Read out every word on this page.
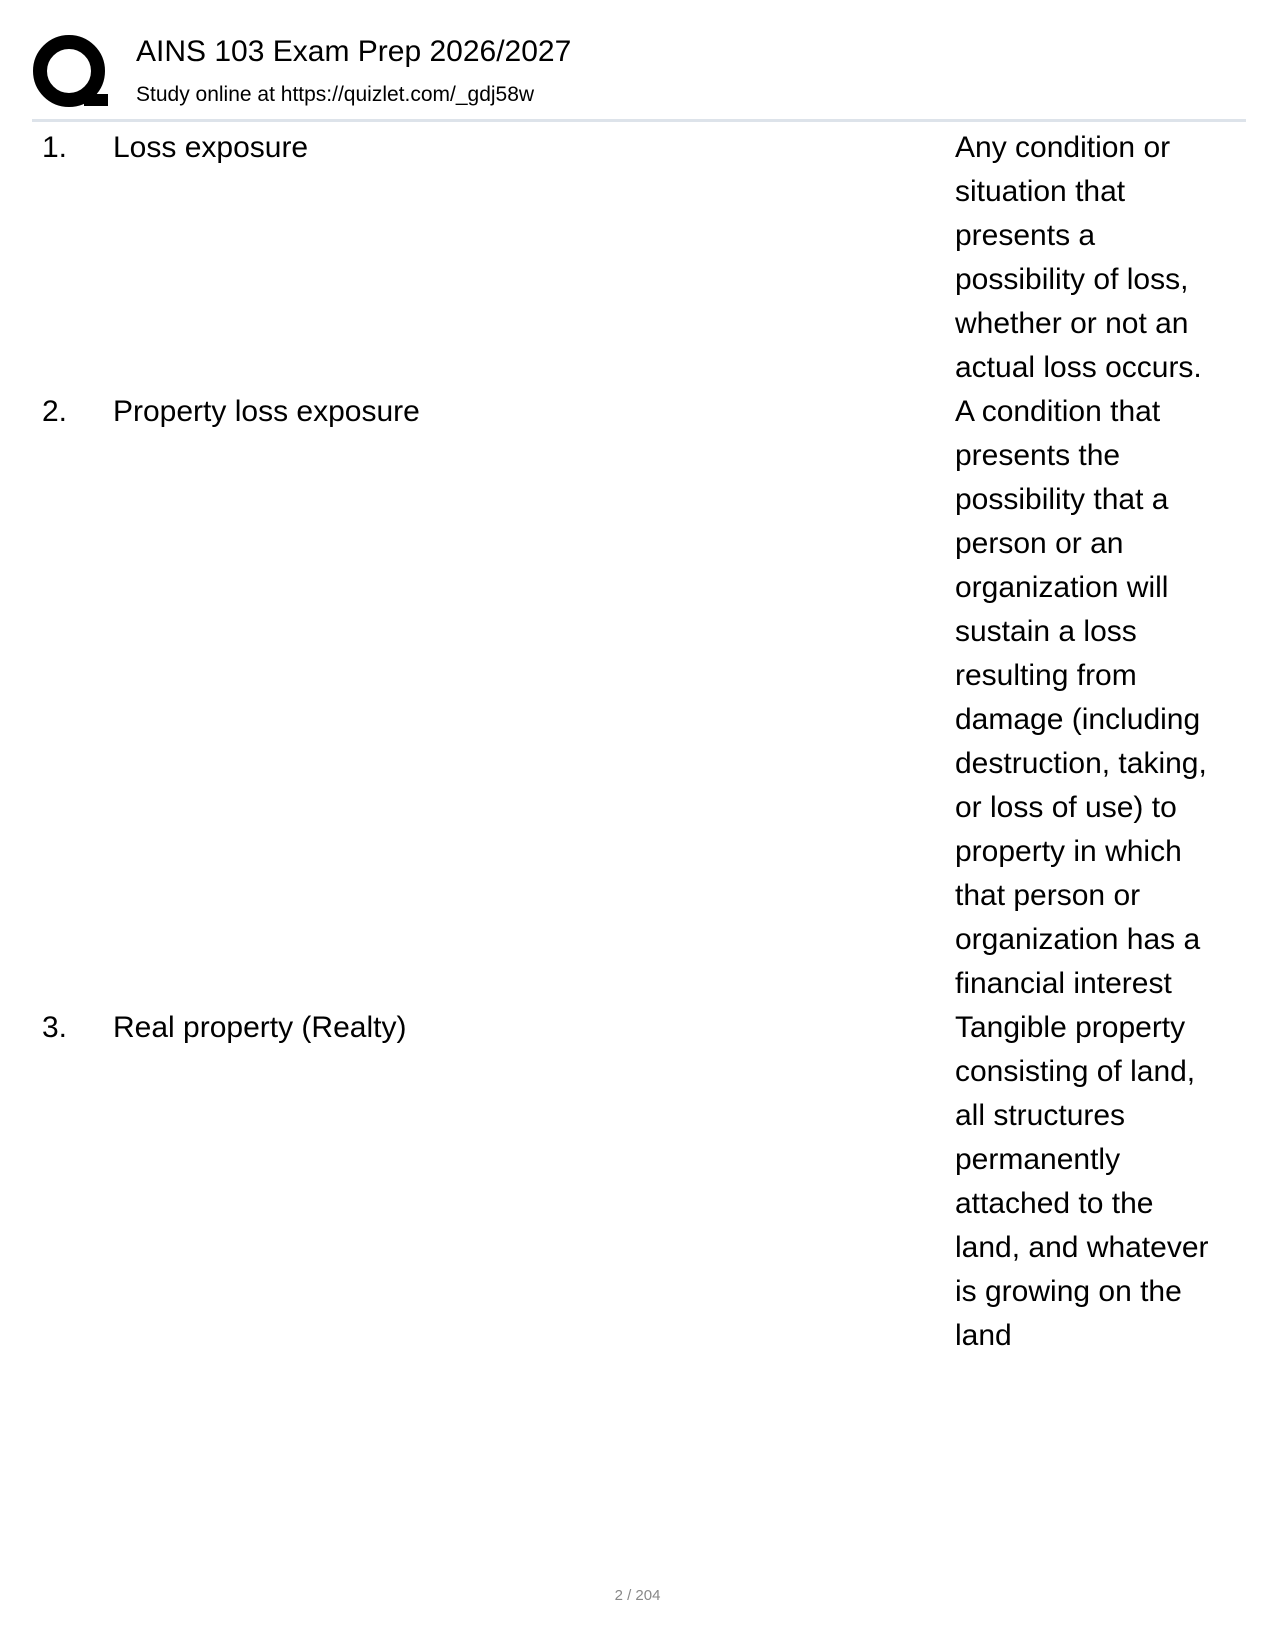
AINS 103 Exam Prep 2026/2027
Study online at https://quizlet.com/_gdj58w
1. Loss exposure	Any condition or
situation that
presents a
possibility of loss,
whether or not an
actual loss occurs.
2. Property loss exposure	A condition that
presents the
possibility that a
person or an
organization will
sustain a loss
resulting from
damage (including
destruction, taking,
or loss of use) to
property in which
that person or
organization has a
financial interest
3. Real property (Realty)	Tangible property
consisting of land,
all structures
permanently
attached to the
land, and whatever
is growing on the
land
2 / 204
